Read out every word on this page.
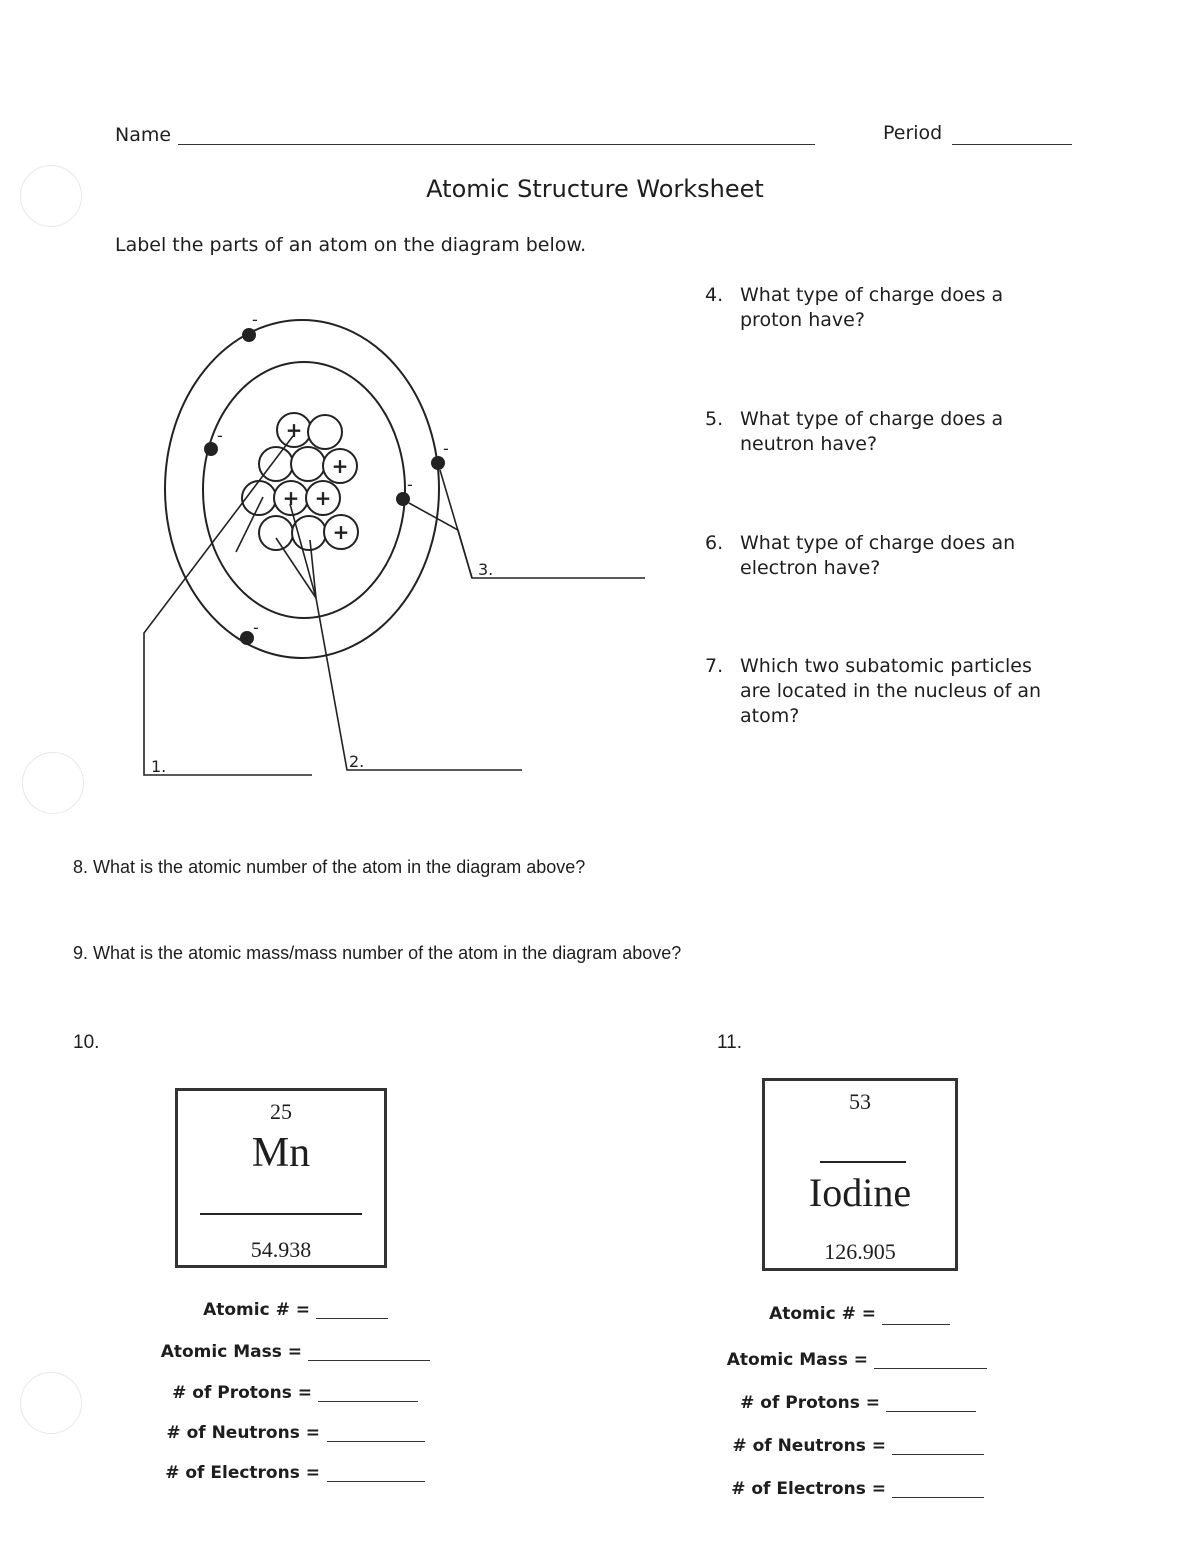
Name	Period
Atomic Structure Worksheet
Label the parts of an atom on the diagram below.
+
+
+ +
+
-
-
-
-
-
1.	2.
3.
4. What type of charge does a proton have?
5. What type of charge does a neutron have?
6. What type of charge does an electron have?
7. Which two subatomic particles are located in the nucleus of an atom?
8. What is the atomic number of the atom in the diagram above?
9. What is the atomic mass/mass number of the atom in the diagram above?
10.
25
Mn
54.938
Atomic # =
Atomic Mass =
# of Protons =
# of Neutrons =
# of Electrons =
11.
53
Iodine
126.905
Atomic # =
Atomic Mass =
# of Protons =
# of Neutrons =
# of Electrons =
